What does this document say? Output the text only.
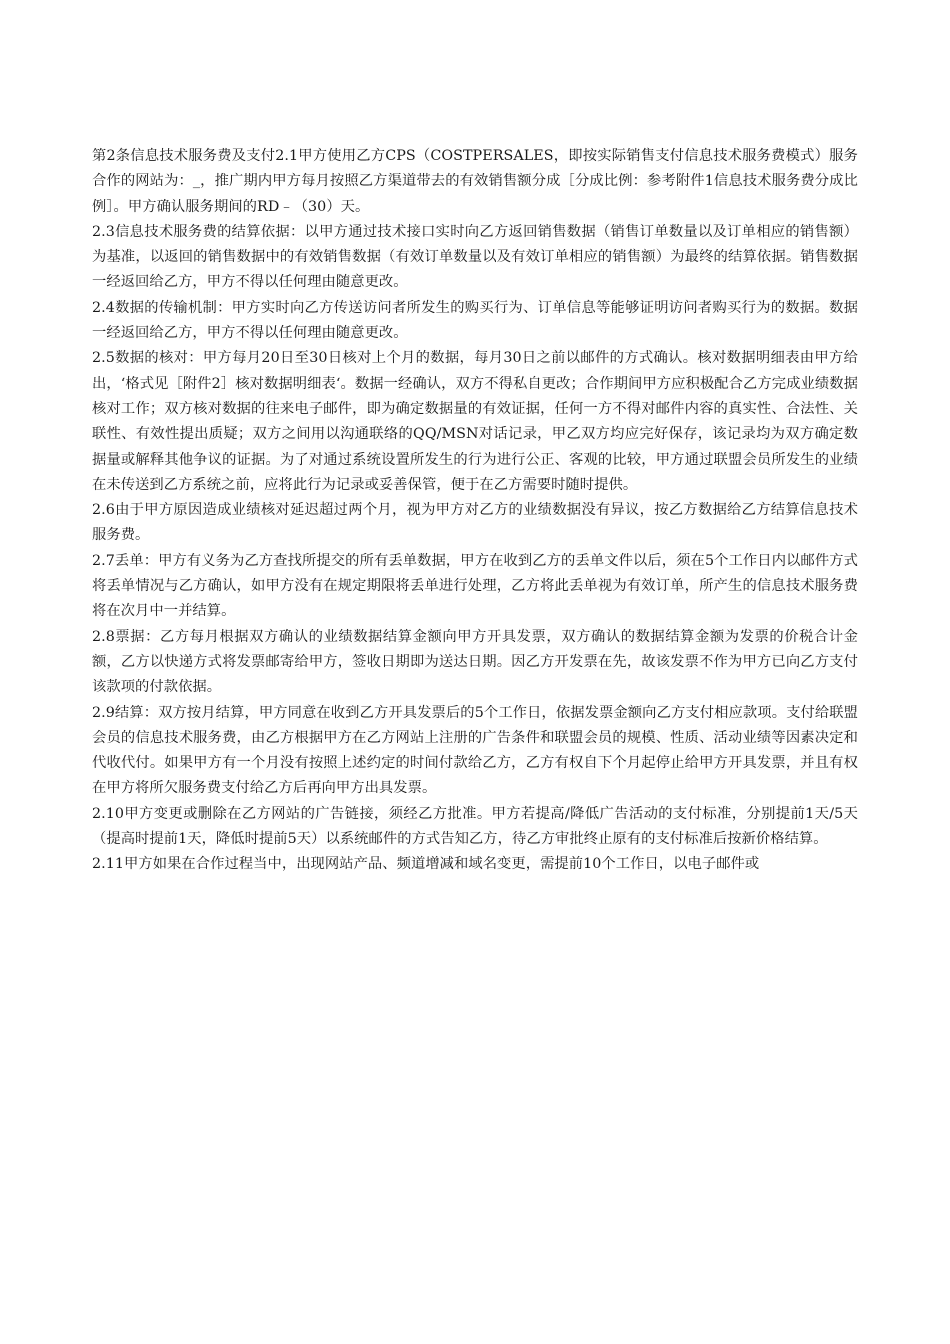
第2条信息技术服务费及支付2.1甲方使用乙方CPS（COSTPERSALES，即按实际销售支付信息技术服务费模式）服务合作的网站为：_，推广期内甲方每月按照乙方渠道带去的有效销售额分成［分成比例：参考附件1信息技术服务费分成比例］。甲方确认服务期间的RD﹣（30）天。

2.3信息技术服务费的结算依据：以甲方通过技术接口实时向乙方返回销售数据（销售订单数量以及订单相应的销售额）为基准，以返回的销售数据中的有效销售数据（有效订单数量以及有效订单相应的销售额）为最终的结算依据。销售数据一经返回给乙方，甲方不得以任何理由随意更改。

2.4数据的传输机制：甲方实时向乙方传送访问者所发生的购买行为、订单信息等能够证明访问者购买行为的数据。数据一经返回给乙方，甲方不得以任何理由随意更改。

2.5数据的核对：甲方每月20日至30日核对上个月的数据，每月30日之前以邮件的方式确认。核对数据明细表由甲方给出，‘格式见［附件2］核对数据明细表‘。数据一经确认，双方不得私自更改；合作期间甲方应积极配合乙方完成业绩数据核对工作；双方核对数据的往来电子邮件，即为确定数据量的有效证据，任何一方不得对邮件内容的真实性、合法性、关联性、有效性提出质疑；双方之间用以沟通联络的QQ/MSN对话记录，甲乙双方均应完好保存，该记录均为双方确定数据量或解释其他争议的证据。为了对通过系统设置所发生的行为进行公正、客观的比较，甲方通过联盟会员所发生的业绩在未传送到乙方系统之前，应将此行为记录或妥善保管，便于在乙方需要时随时提供。

2.6由于甲方原因造成业绩核对延迟超过两个月，视为甲方对乙方的业绩数据没有异议，按乙方数据给乙方结算信息技术服务费。

2.7丢单：甲方有义务为乙方查找所提交的所有丢单数据，甲方在收到乙方的丢单文件以后，须在5个工作日内以邮件方式将丢单情况与乙方确认，如甲方没有在规定期限将丢单进行处理，乙方将此丢单视为有效订单，所产生的信息技术服务费将在次月中一并结算。

2.8票据：乙方每月根据双方确认的业绩数据结算金额向甲方开具发票，双方确认的数据结算金额为发票的价税合计金额，乙方以快递方式将发票邮寄给甲方，签收日期即为送达日期。因乙方开发票在先，故该发票不作为甲方已向乙方支付该款项的付款依据。

2.9结算：双方按月结算，甲方同意在收到乙方开具发票后的5个工作日，依据发票金额向乙方支付相应款项。支付给联盟会员的信息技术服务费，由乙方根据甲方在乙方网站上注册的广告条件和联盟会员的规模、性质、活动业绩等因素决定和代收代付。如果甲方有一个月没有按照上述约定的时间付款给乙方，乙方有权自下个月起停止给甲方开具发票，并且有权在甲方将所欠服务费支付给乙方后再向甲方出具发票。

2.10甲方变更或删除在乙方网站的广告链接，须经乙方批准。甲方若提高/降低广告活动的支付标准，分别提前1天/5天（提高时提前1天，降低时提前5天）以系统邮件的方式告知乙方，待乙方审批终止原有的支付标准后按新价格结算。

2.11甲方如果在合作过程当中，出现网站产品、频道增减和域名变更，需提前10个工作日，以电子邮件或
